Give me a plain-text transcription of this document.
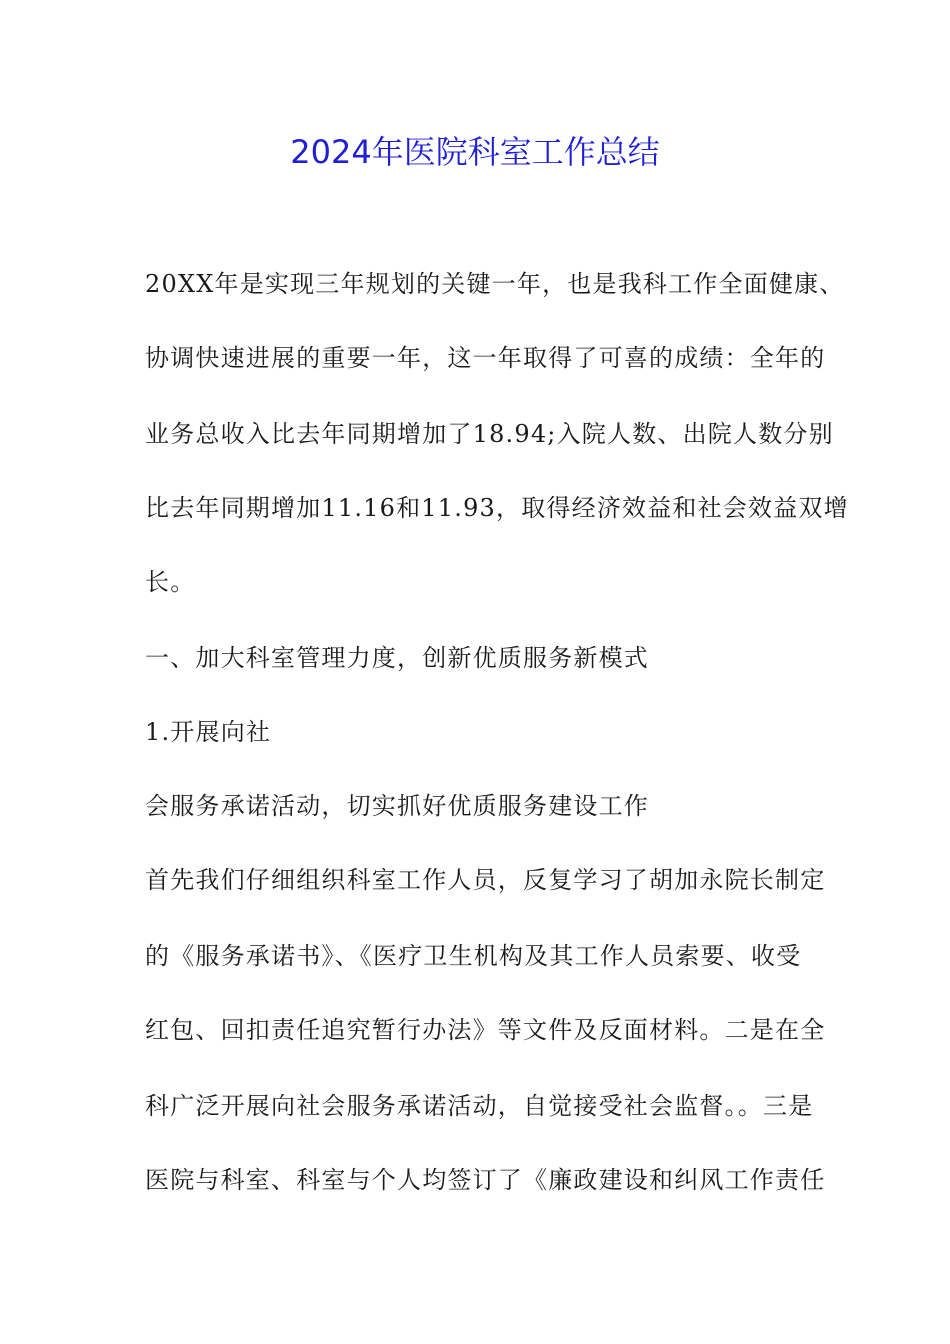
2024年医院科室工作总结
20XX年是实现三年规划的关键一年，也是我科工作全面健康、
协调快速进展的重要一年，这一年取得了可喜的成绩：全年的
业务总收入比去年同期增加了18.94;入院人数、出院人数分别
比去年同期增加11.16和11.93，取得经济效益和社会效益双增
长。
一、加大科室管理力度，创新优质服务新模式
1.开展向社
会服务承诺活动，切实抓好优质服务建设工作
首先我们仔细组织科室工作人员，反复学习了胡加永院长制定
的《服务承诺书》、《医疗卫生机构及其工作人员索要、收受
红包、回扣责任追究暂行办法》等文件及反面材料。二是在全
科广泛开展向社会服务承诺活动，自觉接受社会监督。。三是
医院与科室、科室与个人均签订了《廉政建设和纠风工作责任
